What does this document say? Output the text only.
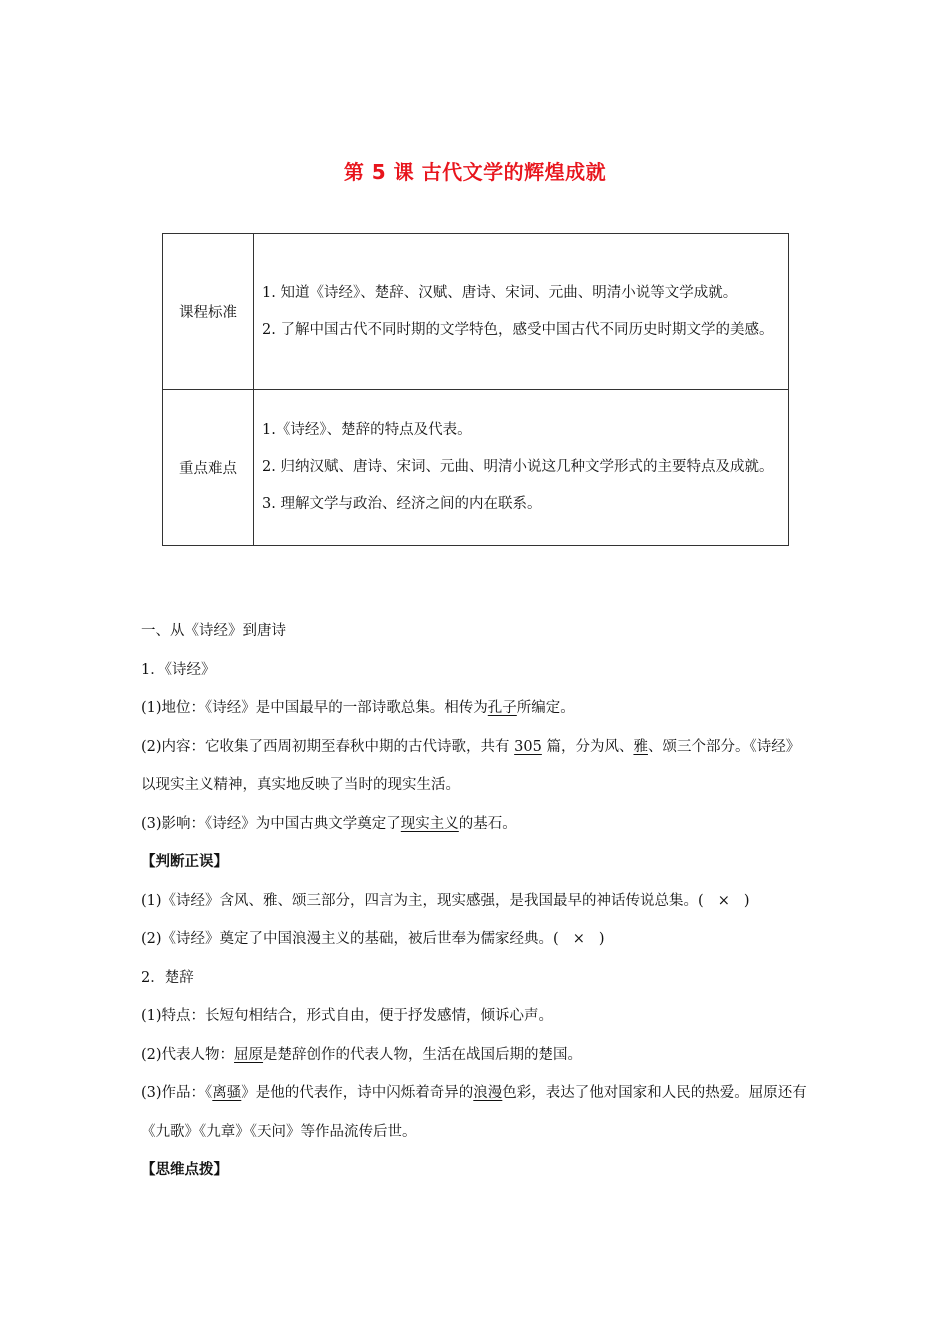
第 5 课 古代文学的辉煌成就
课程标准	1. 知道《诗经》、楚辞、汉赋、唐诗、宋词、元曲、明清小说等文学成就。
2. 了解中国古代不同时期的文学特色，感受中国古代不同历史时期文学的美感。

重点难点	1.《诗经》、楚辞的特点及代表。
2. 归纳汉赋、唐诗、宋词、元曲、明清小说这几种文学形式的主要特点及成就。
3. 理解文学与政治、经济之间的内在联系。

一、从《诗经》到唐诗

1．《诗经》

(1)地位：《诗经》是中国最早的一部诗歌总集。相传为孔子所编定。

(2)内容：它收集了西周初期至春秋中期的古代诗歌，共有 305 篇，分为风、雅、颂三个部分。《诗经》以现实主义精神，真实地反映了当时的现实生活。

(3)影响：《诗经》为中国古典文学奠定了现实主义的基石。

【判断正误】

(1)《诗经》含风、雅、颂三部分，四言为主，现实感强，是我国最早的神话传说总集。( × )

(2)《诗经》奠定了中国浪漫主义的基础，被后世奉为儒家经典。( × )

2．楚辞

(1)特点：长短句相结合，形式自由，便于抒发感情，倾诉心声。

(2)代表人物：屈原是楚辞创作的代表人物，生活在战国后期的楚国。

(3)作品：《离骚》是他的代表作，诗中闪烁着奇异的浪漫色彩，表达了他对国家和人民的热爱。屈原还有《九歌》《九章》《天问》等作品流传后世。

【思维点拨】
